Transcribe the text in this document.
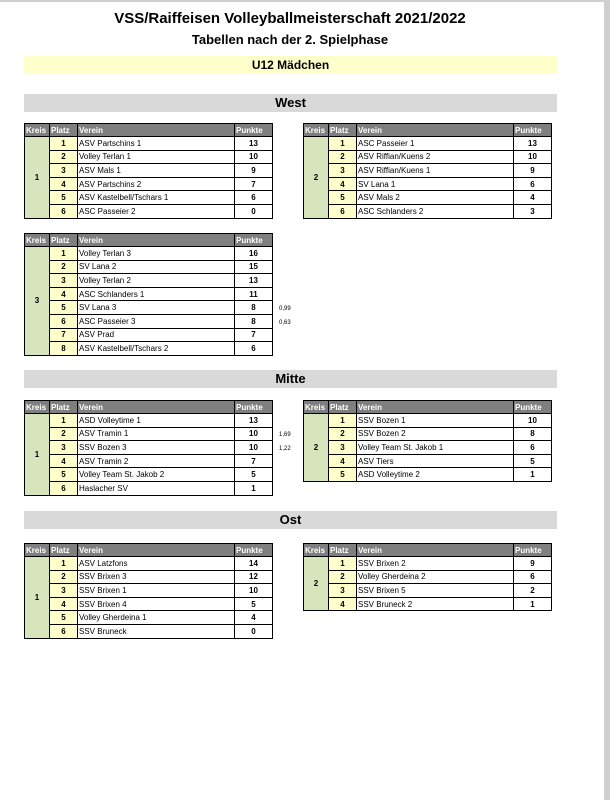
VSS/Raiffeisen Volleyballmeisterschaft 2021/2022
Tabellen nach der 2. Spielphase
U12 Mädchen
West
Kreis	Platz	Verein	Punkte
1	1	ASV Partschins 1	13
	2	Volley Terlan 1	10
	3	ASV Mals 1	9
	4	ASV Partschins 2	7
	5	ASV Kastelbell/Tschars 1	6
	6	ASC Passeier 2	0
Kreis	Platz	Verein	Punkte
2	1	ASC Passeier 1	13
	2	ASV Riffian/Kuens 2	10
	3	ASV Riffian/Kuens 1	9
	4	SV Lana 1	6
	5	ASV Mals 2	4
	6	ASC Schlanders 2	3
Kreis	Platz	Verein	Punkte
3	1	Volley Terlan 3	16
	2	SV Lana 2	15
	3	Volley Terlan 2	13
	4	ASC Schlanders 1	11
	5	SV Lana 3	8
	6	ASC Passeier 3	8
	7	ASV Prad	7
	8	ASV Kastelbell/Tschars 2	6
0,99
0,63
Mitte
Kreis	Platz	Verein	Punkte
1	1	ASD Volleytime 1	13
	2	ASV Tramin 1	10
	3	SSV Bozen 3	10
	4	ASV Tramin 2	7
	5	Volley Team St. Jakob 2	5
	6	Haslacher SV	1
Kreis	Platz	Verein	Punkte
2	1	SSV Bozen 1	10
	2	SSV Bozen 2	8
	3	Volley Team St. Jakob 1	6
	4	ASV Tiers	5
	5	ASD Volleytime 2	1
1,69
1,22
Ost
Kreis	Platz	Verein	Punkte
1	1	ASV Latzfons	14
	2	SSV Brixen 3	12
	3	SSV Brixen 1	10
	4	SSV Brixen 4	5
	5	Volley Gherdeina 1	4
	6	SSV Bruneck	0
Kreis	Platz	Verein	Punkte
2	1	SSV Brixen 2	9
	2	Volley Gherdeina 2	6
	3	SSV Brixen 5	2
	4	SSV Bruneck 2	1
